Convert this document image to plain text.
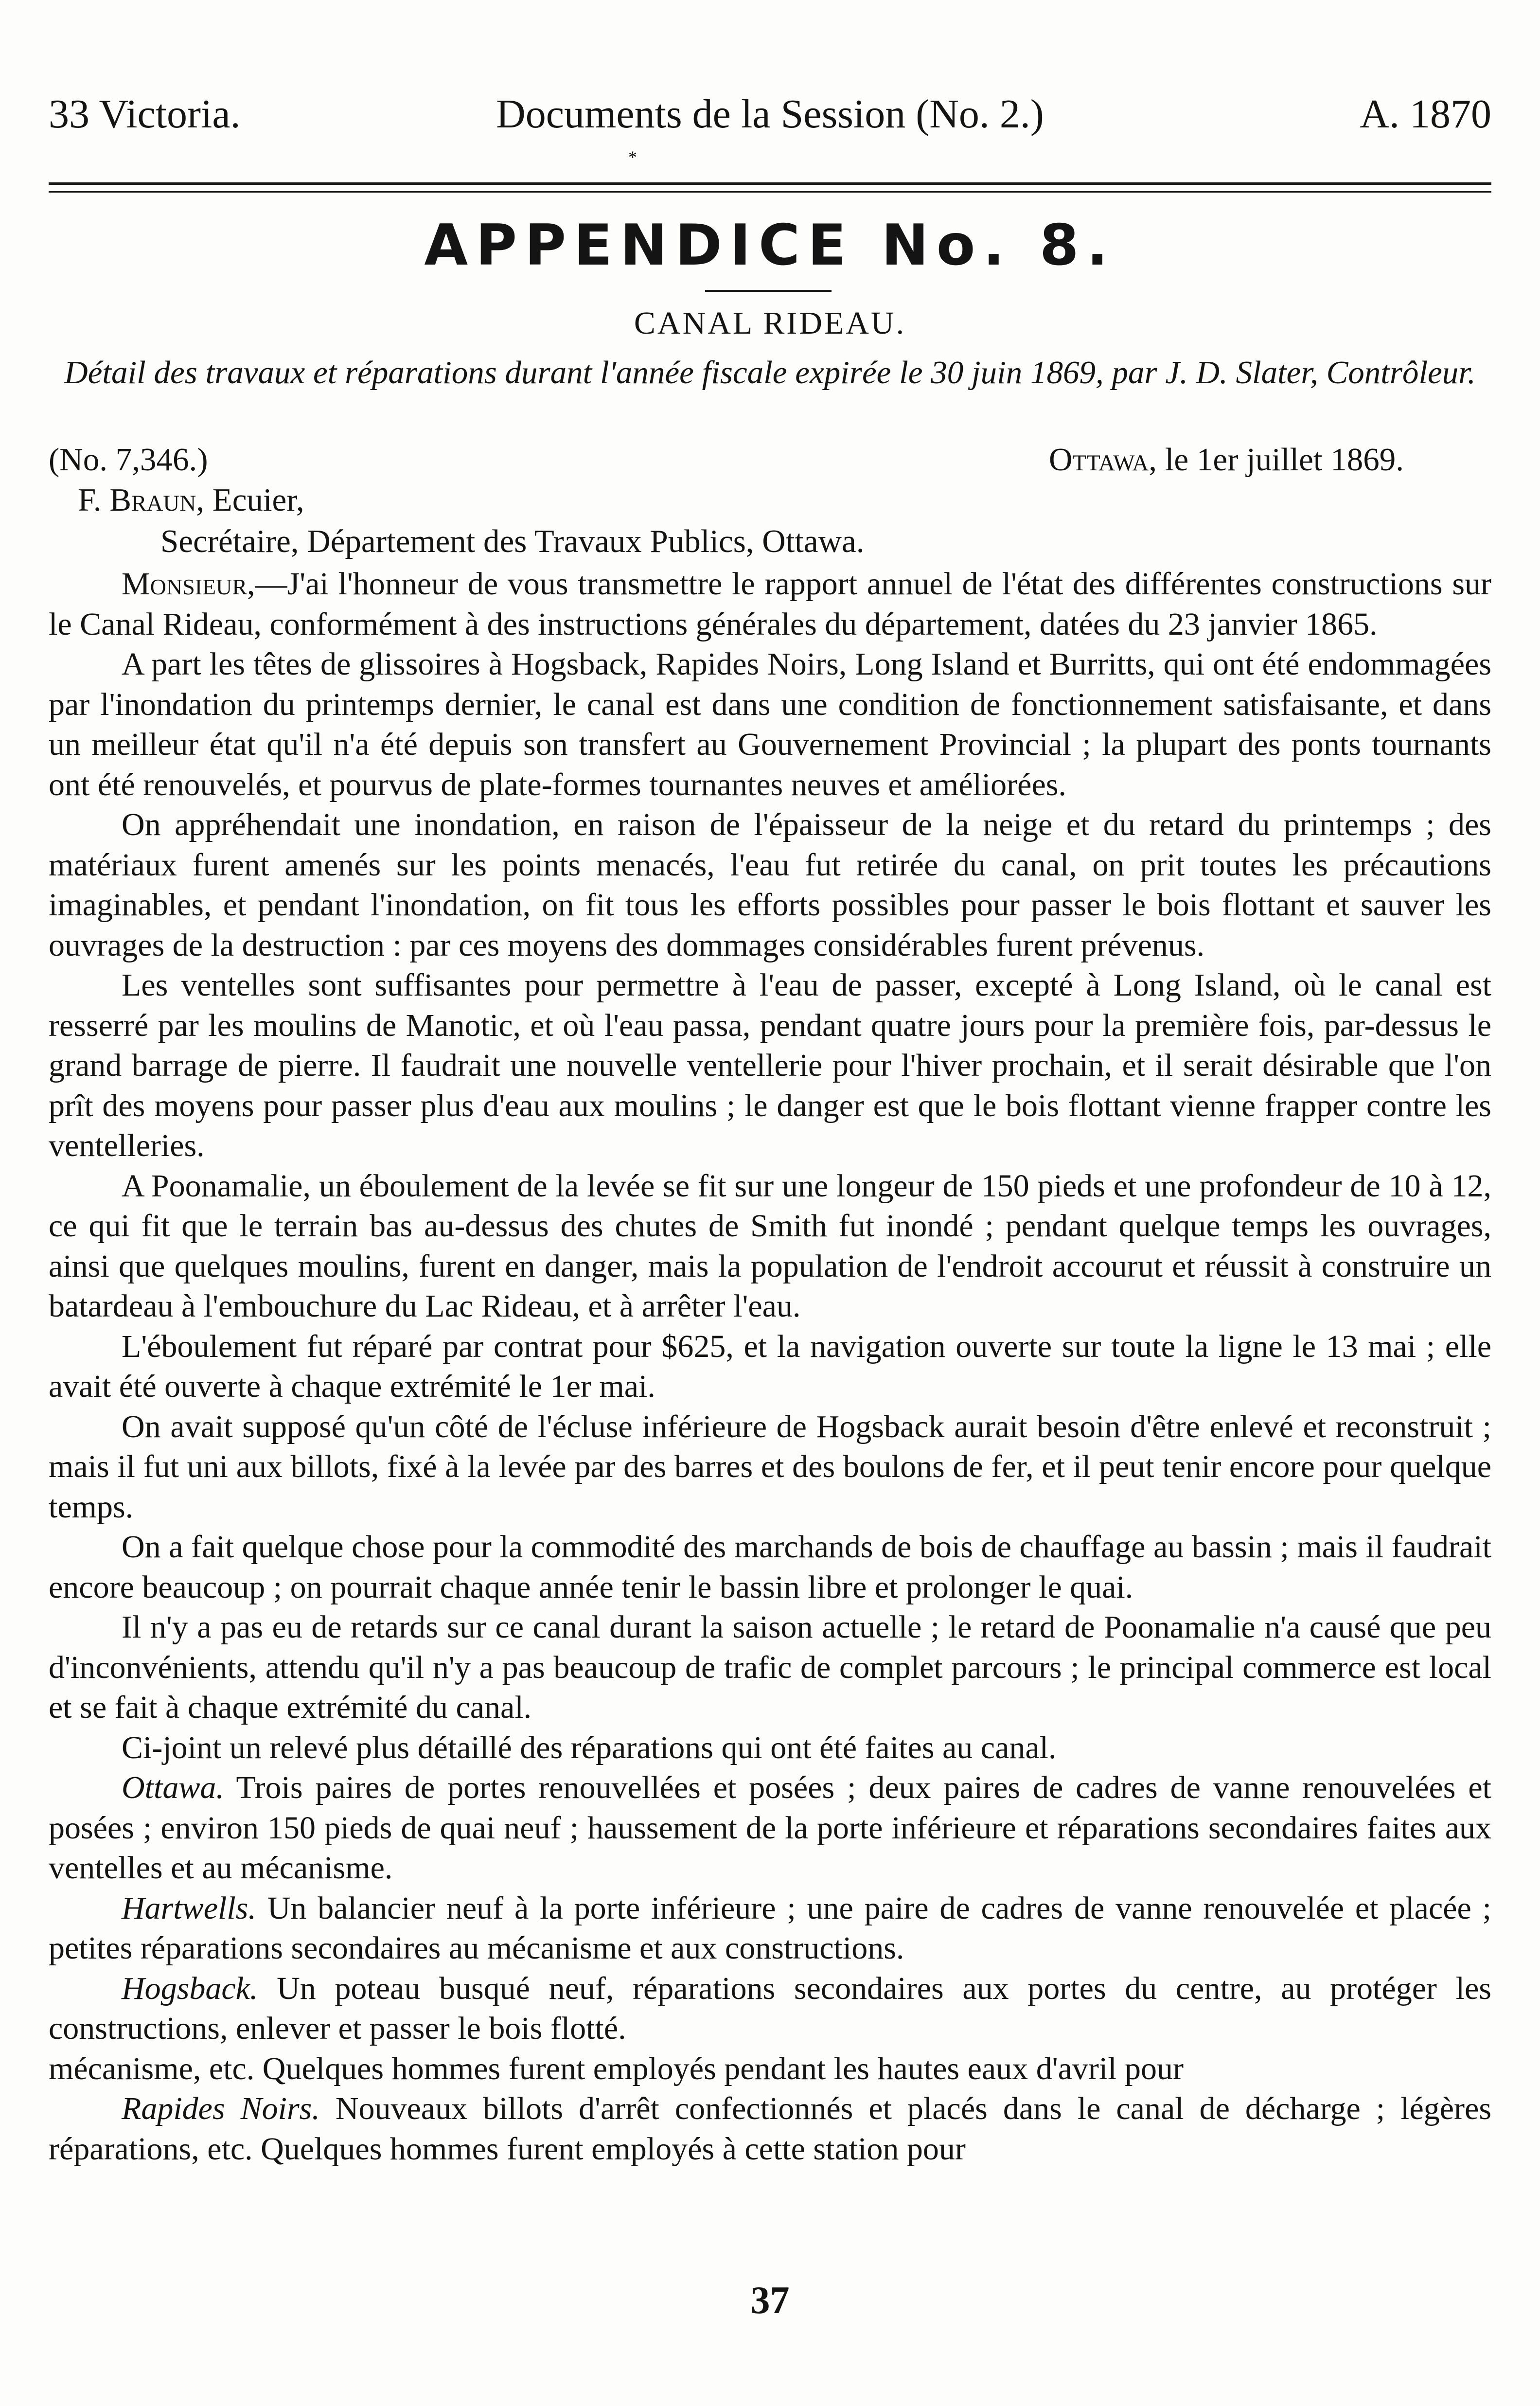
33 Victoria.	Documents de la Session (No. 2.)	A. 1870
*
APPENDICE No. 8.
CANAL RIDEAU.
Détail des travaux et réparations durant l'année fiscale expirée le 30 juin 1869, par J. D. Slater, Contrôleur.
(No. 7,346.)	Ottawa, le 1er juillet 1869.
F. Braun, Ecuier,
Secrétaire, Département des Travaux Publics, Ottawa.

Monsieur,—J'ai l'honneur de vous transmettre le rapport annuel de l'état des différentes constructions sur le Canal Rideau, conformément à des instructions générales du département, datées du 23 janvier 1865.

A part les têtes de glissoires à Hogsback, Rapides Noirs, Long Island et Burritts, qui ont été endommagées par l'inondation du printemps dernier, le canal est dans une condition de fonctionnement satisfaisante, et dans un meilleur état qu'il n'a été depuis son transfert au Gouvernement Provincial ; la plupart des ponts tournants ont été renouvelés, et pourvus de plate-formes tournantes neuves et améliorées.

On appréhendait une inondation, en raison de l'épaisseur de la neige et du retard du printemps ; des matériaux furent amenés sur les points menacés, l'eau fut retirée du canal, on prit toutes les précautions imaginables, et pendant l'inondation, on fit tous les efforts possibles pour passer le bois flottant et sauver les ouvrages de la destruction : par ces moyens des dommages considérables furent prévenus.

Les ventelles sont suffisantes pour permettre à l'eau de passer, excepté à Long Island, où le canal est resserré par les moulins de Manotic, et où l'eau passa, pendant quatre jours pour la première fois, par-dessus le grand barrage de pierre. Il faudrait une nouvelle ventellerie pour l'hiver prochain, et il serait désirable que l'on prît des moyens pour passer plus d'eau aux moulins ; le danger est que le bois flottant vienne frapper contre les ventelleries.

A Poonamalie, un éboulement de la levée se fit sur une longeur de 150 pieds et une profondeur de 10 à 12, ce qui fit que le terrain bas au-dessus des chutes de Smith fut inondé ; pendant quelque temps les ouvrages, ainsi que quelques moulins, furent en danger, mais la population de l'endroit accourut et réussit à construire un batardeau à l'embouchure du Lac Rideau, et à arrêter l'eau.

L'éboulement fut réparé par contrat pour $625, et la navigation ouverte sur toute la ligne le 13 mai ; elle avait été ouverte à chaque extrémité le 1er mai.

On avait supposé qu'un côté de l'écluse inférieure de Hogsback aurait besoin d'être enlevé et reconstruit ; mais il fut uni aux billots, fixé à la levée par des barres et des boulons de fer, et il peut tenir encore pour quelque temps.

On a fait quelque chose pour la commodité des marchands de bois de chauffage au bassin ; mais il faudrait encore beaucoup ; on pourrait chaque année tenir le bassin libre et prolonger le quai.

Il n'y a pas eu de retards sur ce canal durant la saison actuelle ; le retard de Poonamalie n'a causé que peu d'inconvénients, attendu qu'il n'y a pas beaucoup de trafic de complet parcours ; le principal commerce est local et se fait à chaque extrémité du canal.

Ci-joint un relevé plus détaillé des réparations qui ont été faites au canal.

Ottawa. Trois paires de portes renouvellées et posées ; deux paires de cadres de vanne renouvelées et posées ; environ 150 pieds de quai neuf ; haussement de la porte inférieure et réparations secondaires faites aux ventelles et au mécanisme.

Hartwells. Un balancier neuf à la porte inférieure ; une paire de cadres de vanne renouvelée et placée ; petites réparations secondaires au mécanisme et aux constructions.

Hogsback. Un poteau busqué neuf, réparations secondaires aux portes du centre, au protéger les constructions, enlever et passer le bois flotté.

mécanisme, etc. Quelques hommes furent employés pendant les hautes eaux d'avril pour

Rapides Noirs. Nouveaux billots d'arrêt confectionnés et placés dans le canal de décharge ; légères réparations, etc. Quelques hommes furent employés à cette station pour

37
